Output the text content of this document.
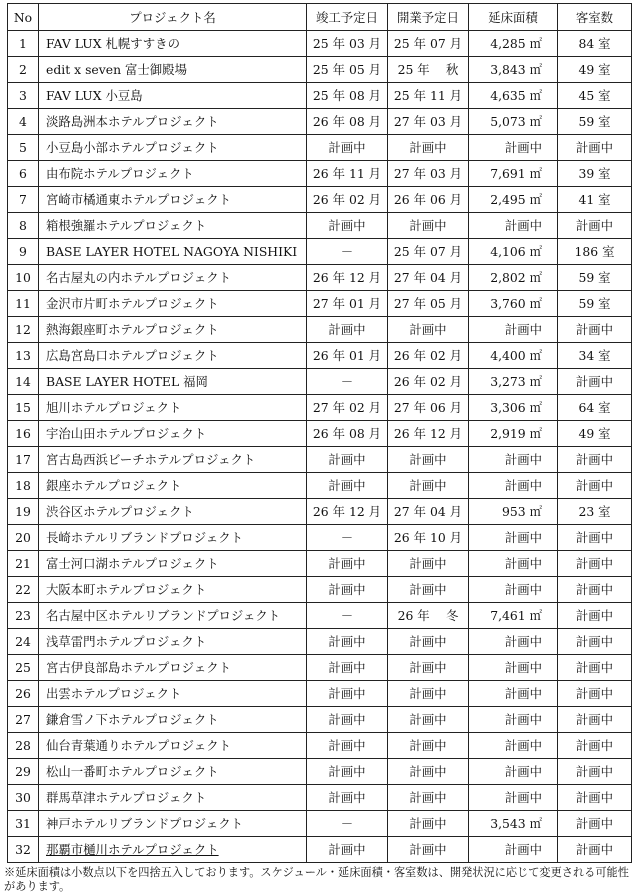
No	プロジェクト名	竣工予定日	開業予定日	延床面積	客室数
1	FAV LUX 札幌すすきの	25 年 03 月	25 年 07 月	4,285 ㎡	84 室
2	edit x seven 富士御殿場	25 年 05 月	25 年　 秋	3,843 ㎡	49 室
3	FAV LUX 小豆島	25 年 08 月	25 年 11 月	4,635 ㎡	45 室
4	淡路島洲本ホテルプロジェクト	26 年 08 月	27 年 03 月	5,073 ㎡	59 室
5	小豆島小部ホテルプロジェクト	計画中	計画中	計画中	計画中
6	由布院ホテルプロジェクト	26 年 11 月	27 年 03 月	7,691 ㎡	39 室
7	宮崎市橘通東ホテルプロジェクト	26 年 02 月	26 年 06 月	2,495 ㎡	41 室
8	箱根強羅ホテルプロジェクト	計画中	計画中	計画中	計画中
9	BASE LAYER HOTEL NAGOYA NISHIKI	－	25 年 07 月	4,106 ㎡	186 室
10	名古屋丸の内ホテルプロジェクト	26 年 12 月	27 年 04 月	2,802 ㎡	59 室
11	金沢市片町ホテルプロジェクト	27 年 01 月	27 年 05 月	3,760 ㎡	59 室
12	熱海銀座町ホテルプロジェクト	計画中	計画中	計画中	計画中
13	広島宮島口ホテルプロジェクト	26 年 01 月	26 年 02 月	4,400 ㎡	34 室
14	BASE LAYER HOTEL 福岡	－	26 年 02 月	3,273 ㎡	計画中
15	旭川ホテルプロジェクト	27 年 02 月	27 年 06 月	3,306 ㎡	64 室
16	宇治山田ホテルプロジェクト	26 年 08 月	26 年 12 月	2,919 ㎡	49 室
17	宮古島西浜ビーチホテルプロジェクト	計画中	計画中	計画中	計画中
18	銀座ホテルプロジェクト	計画中	計画中	計画中	計画中
19	渋谷区ホテルプロジェクト	26 年 12 月	27 年 04 月	953 ㎡	23 室
20	長崎ホテルリブランドプロジェクト	－	26 年 10 月	計画中	計画中
21	富士河口湖ホテルプロジェクト	計画中	計画中	計画中	計画中
22	大阪本町ホテルプロジェクト	計画中	計画中	計画中	計画中
23	名古屋中区ホテルリブランドプロジェクト	－	26 年　 冬	7,461 ㎡	計画中
24	浅草雷門ホテルプロジェクト	計画中	計画中	計画中	計画中
25	宮古伊良部島ホテルプロジェクト	計画中	計画中	計画中	計画中
26	出雲ホテルプロジェクト	計画中	計画中	計画中	計画中
27	鎌倉雪ノ下ホテルプロジェクト	計画中	計画中	計画中	計画中
28	仙台青葉通りホテルプロジェクト	計画中	計画中	計画中	計画中
29	松山一番町ホテルプロジェクト	計画中	計画中	計画中	計画中
30	群馬草津ホテルプロジェクト	計画中	計画中	計画中	計画中
31	神戸ホテルリブランドプロジェクト	－	計画中	3,543 ㎡	計画中
32	那覇市樋川ホテルプロジェクト	計画中	計画中	計画中	計画中
※延床面積は小数点以下を四捨五入しております。スケジュール・延床面積・客室数は、開発状況に応じて変更される可能性があります。
